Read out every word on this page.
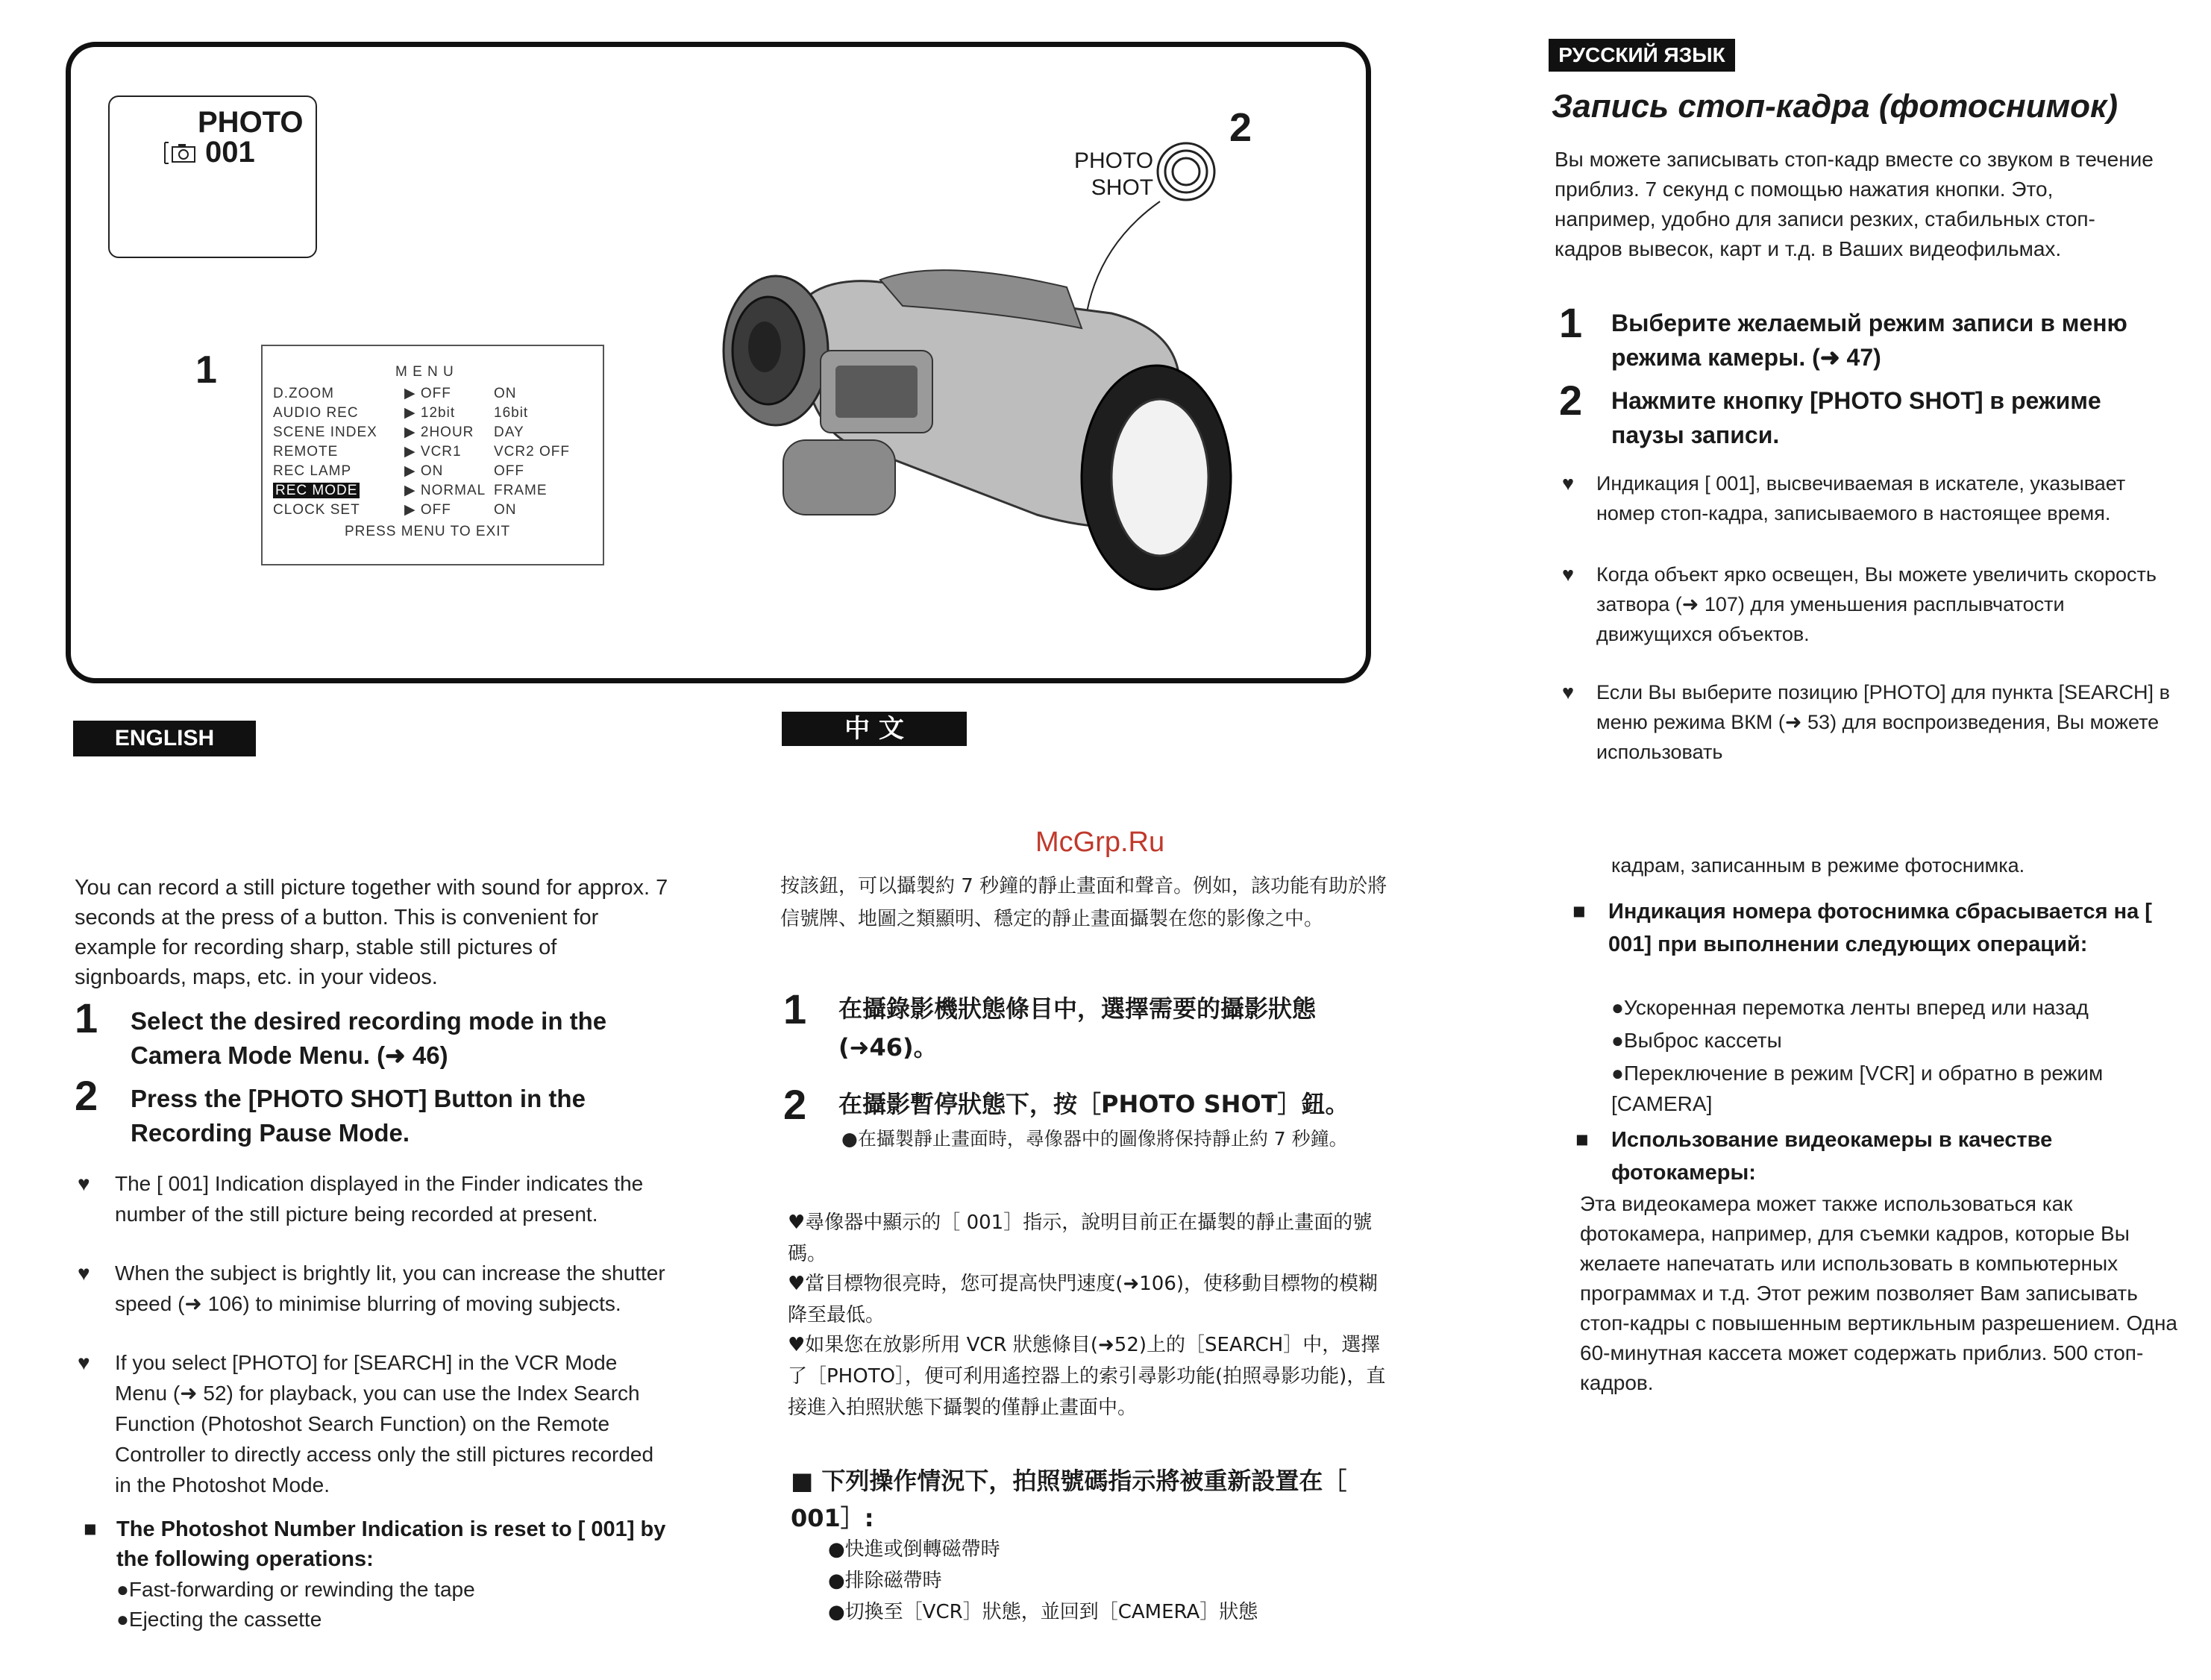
PHOTO
001
1
2
PHOTO
SHOT
M E N U
D.ZOOM	▶ OFF	ON
AUDIO REC	▶ 12bit	16bit
SCENE INDEX ▶ 2HOUR DAY
REMOTE	▶ VCR1 VCR2 OFF
REC LAMP	▶ ON	OFF
REC MODE	▶ NORMAL FRAME
CLOCK SET	▶ OFF	ON
PRESS MENU TO EXIT
ENGLISH
You can record a still picture together with sound for approx. 7 seconds at the press of a button. This is convenient for example for recording sharp, stable still pictures of signboards, maps, etc. in your videos.
1 Select the desired recording mode in the Camera Mode Menu. (➜ 46)
2 Press the [PHOTO SHOT] Button in the Recording Pause Mode.
♥ The [ 001] Indication displayed in the Finder indicates the number of the still picture being recorded at present.
♥ When the subject is brightly lit, you can increase the shutter speed (➜ 106) to minimise blurring of moving subjects.
♥ If you select [PHOTO] for [SEARCH] in the VCR Mode Menu (➜ 52) for playback, you can use the Index Search Function (Photoshot Search Function) on the Remote Controller to directly access only the still pictures recorded in the Photoshot Mode.
■ The Photoshot Number Indication is reset to [ 001] by the following operations:
●Fast-forwarding or rewinding the tape
●Ejecting the cassette
中 文
McGrp.Ru
按該鈕，可以攝製約 7 秒鐘的靜止畫面和聲音。例如，該功能有助於將信號牌、地圖之類顯明、穩定的靜止畫面攝製在您的影像之中。
1 在攝錄影機狀態條目中，選擇需要的攝影狀態(➜46)。
2 在攝影暫停狀態下，按［PHOTO SHOT］鈕。
●在攝製靜止畫面時，尋像器中的圖像將保持靜止約 7 秒鐘。
♥尋像器中顯示的［ 001］指示，說明目前正在攝製的靜止畫面的號碼。
♥當目標物很亮時，您可提高快門速度(➜106)，使移動目標物的模糊降至最低。
♥如果您在放影所用 VCR 狀態條目(➜52)上的［SEARCH］中，選擇了［PHOTO］，便可利用遙控器上的索引尋影功能(拍照尋影功能)，直接進入拍照狀態下攝製的僅靜止畫面中。
■ 下列操作情況下，拍照號碼指示將被重新設置在［ 001］:
●快進或倒轉磁帶時
●排除磁帶時
●切換至［VCR］狀態，並回到［CAMERA］狀態
РУССКИЙ ЯЗЫК
Запись стоп-кадра (фотоснимок)
Вы можете записывать стоп-кадр вместе со звуком в течение приблиз. 7 секунд с помощью нажатия кнопки. Это, например, удобно для записи резких, стабильных стоп-кадров вывесок, карт и т.д. в Ваших видеофильмах.
1 Выберите желаемый режим записи в меню режима камеры. (➜ 47)
2 Нажмите кнопку [PHOTO SHOT] в режиме паузы записи.
♥ Индикация [ 001], высвечиваемая в искателе, указывает номер стоп-кадра, записываемого в настоящее время.
♥ Когда объект ярко освещен, Вы можете увеличить скорость затвора (➜ 107) для уменьшения расплывчатости движущихся объектов.
♥ Если Вы выберите позицию [PHOTO] для пункта [SEARCH] в меню режима ВКМ (➜ 53) для воспроизведения, Вы можете использовать
кадрам, записанным в режиме фотоснимка.
■ Индикация номера фотоснимка сбрасывается на [ 001] при выполнении следующих операций:
●Ускоренная перемотка ленты вперед или назад
●Выброс кассеты
●Переключение в режим [VCR] и обратно в режим [CAMERA]
■ Использование видеокамеры в качестве фотокамеры:
Эта видеокамера может также использоваться как фотокамера, например, для съемки кадров, которые Вы желаете напечатать или использовать в компьютерных программах и т.д. Этот режим позволяет Вам записывать стоп-кадры с повышенным вертикльным разрешением. Одна 60-минутная кассета может содержать приблиз. 500 стоп-кадров.
